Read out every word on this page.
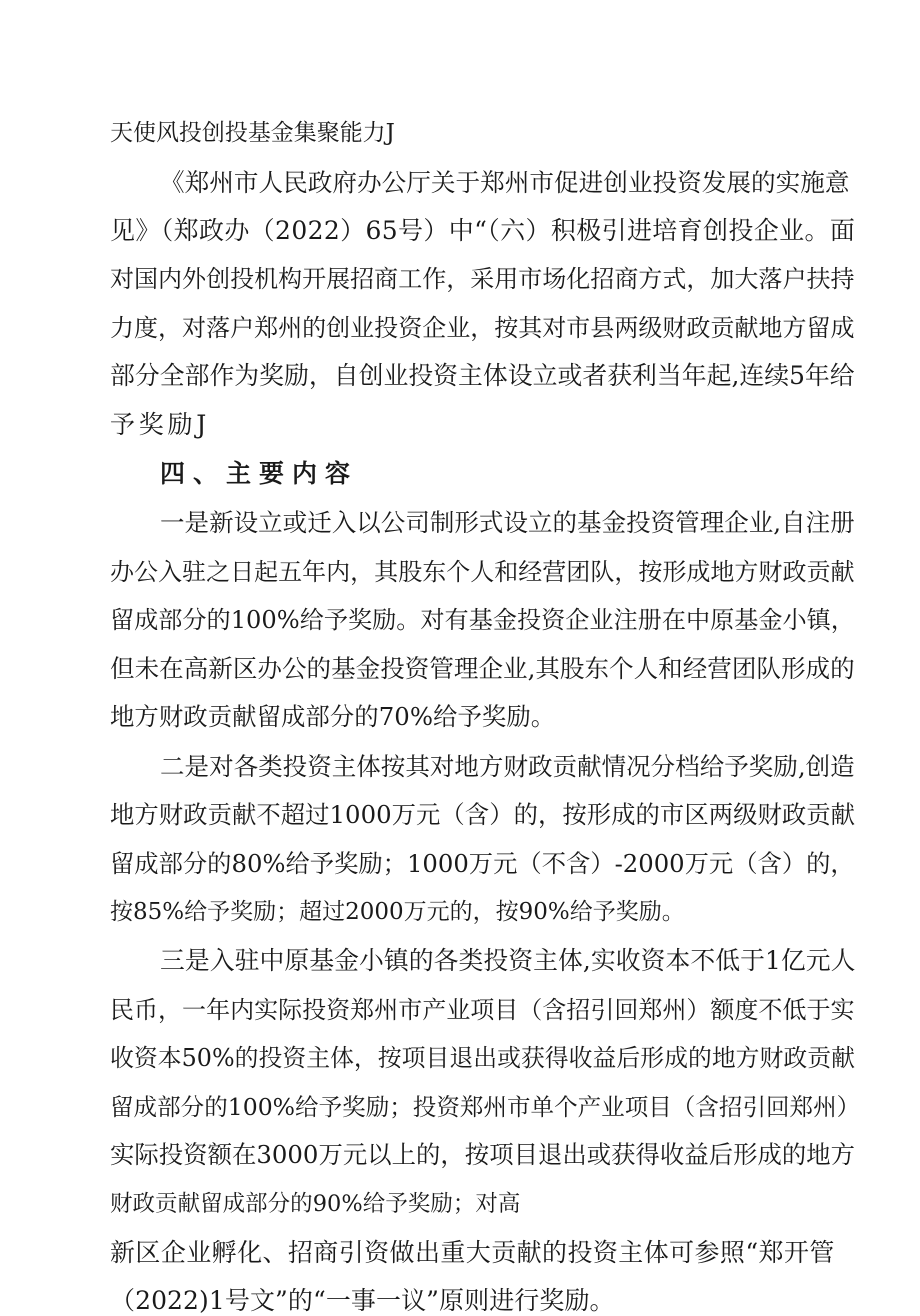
天使风投创投基金集聚能力J

《郑州市人民政府办公厅关于郑州市促进创业投资发展的实施意

见》（郑政办（2022）65号）中“（六）积极引进培育创投企业。面

对国内外创投机构开展招商工作，采用市场化招商方式，加大落户扶持

力度，对落户郑州的创业投资企业，按其对市县两级财政贡献地方留成

部分全部作为奖励，自创业投资主体设立或者获利当年起,连续5年给

予奖励J

四、主要内容

一是新设立或迁入以公司制形式设立的基金投资管理企业,自注册

办公入驻之日起五年内，其股东个人和经营团队，按形成地方财政贡献

留成部分的100%给予奖励。对有基金投资企业注册在中原基金小镇，

但未在高新区办公的基金投资管理企业,其股东个人和经营团队形成的

地方财政贡献留成部分的70%给予奖励。

二是对各类投资主体按其对地方财政贡献情况分档给予奖励,创造

地方财政贡献不超过1000万元（含）的，按形成的市区两级财政贡献

留成部分的80%给予奖励；1000万元（不含）-2000万元（含）的，

按85%给予奖励；超过2000万元的，按90%给予奖励。

三是入驻中原基金小镇的各类投资主体,实收资本不低于1亿元人

民币，一年内实际投资郑州市产业项目（含招引回郑州）额度不低于实

收资本50%的投资主体，按项目退出或获得收益后形成的地方财政贡献

留成部分的100%给予奖励；投资郑州市单个产业项目（含招引回郑州）

实际投资额在3000万元以上的，按项目退出或获得收益后形成的地方

财政贡献留成部分的90%给予奖励；对高

新区企业孵化、招商引资做出重大贡献的投资主体可参照“郑开管

（2022)1号文”的“一事一议”原则进行奖励。
